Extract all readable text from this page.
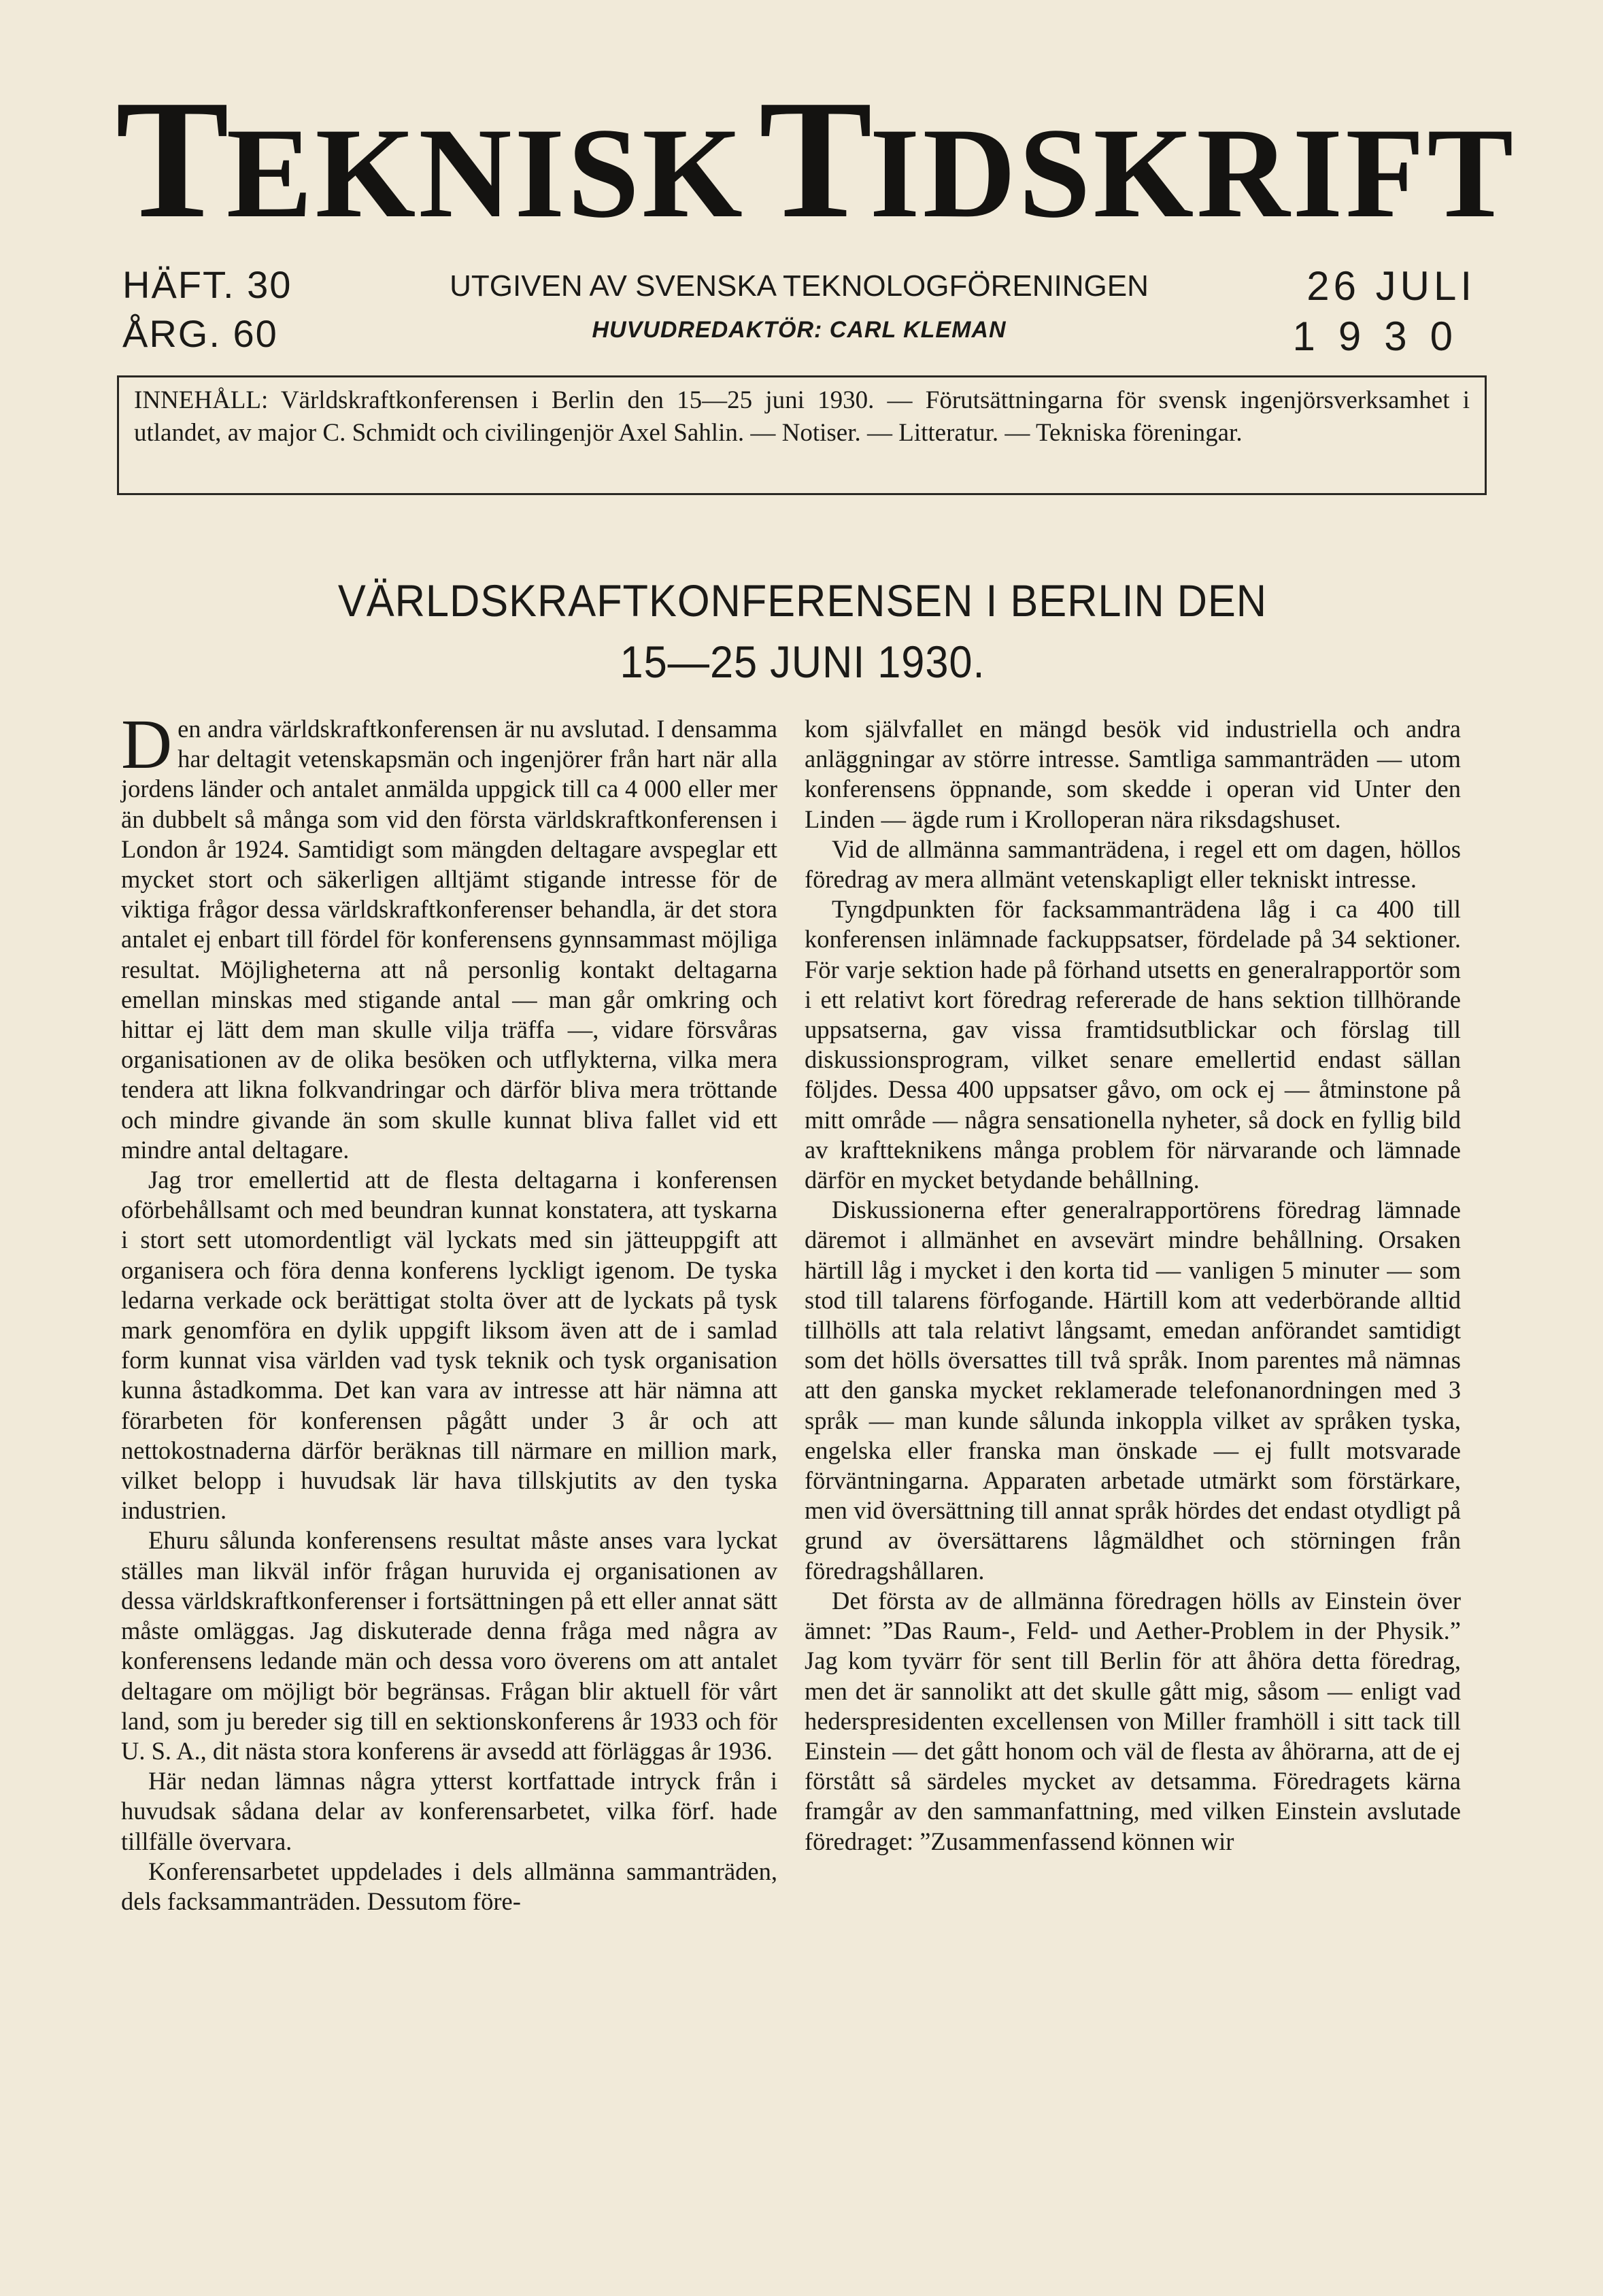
TEKNISKTIDSKRIFT
HÄFT. 30
ÅRG. 60
UTGIVEN AV SVENSKA TEKNOLOGFÖRENINGEN
HUVUDREDAKTÖR: CARL KLEMAN
26 JULI
1930
INNEHÅLL: Världskraftkonferensen i Berlin den 15—25 juni 1930. — Förutsättningarna för svensk ingenjörsverksamhet i utlandet, av major C. Schmidt och civilingenjör Axel Sahlin. — Notiser. — Litteratur. — Tekniska föreningar.
VÄRLDSKRAFTKONFERENSEN I BERLIN DEN
15—25 JUNI 1930.

Den andra världskraftkonferensen är nu avslutad. I densamma har deltagit vetenskapsmän och ingenjörer från hart när alla jordens länder och antalet anmälda uppgick till ca 4 000 eller mer än dubbelt så många som vid den första världskraftkonferensen i London år 1924. Samtidigt som mängden deltagare avspeglar ett mycket stort och säkerligen alltjämt stigande intresse för de viktiga frågor dessa världskraftkonferenser behandla, är det stora antalet ej enbart till fördel för konferensens gynnsammast möjliga resultat. Möjligheterna att nå personlig kontakt deltagarna emellan minskas med stigande antal — man går omkring och hittar ej lätt dem man skulle vilja träffa —, vidare försvåras organisationen av de olika besöken och utflykterna, vilka mera tendera att likna folkvandringar och därför bliva mera tröttande och mindre givande än som skulle kunnat bliva fallet vid ett mindre antal deltagare.

Jag tror emellertid att de flesta deltagarna i konferensen oförbehållsamt och med beundran kunnat konstatera, att tyskarna i stort sett utomordentligt väl lyckats med sin jätteuppgift att organisera och föra denna konferens lyckligt igenom. De tyska ledarna verkade ock berättigat stolta över att de lyckats på tysk mark genomföra en dylik uppgift liksom även att de i samlad form kunnat visa världen vad tysk teknik och tysk organisation kunna åstadkomma. Det kan vara av intresse att här nämna att förarbeten för konferensen pågått under 3 år och att nettokostnaderna därför beräknas till närmare en million mark, vilket belopp i huvudsak lär hava tillskjutits av den tyska industrien.

Ehuru sålunda konferensens resultat måste anses vara lyckat ställes man likväl inför frågan huruvida ej organisationen av dessa världskraftkonferenser i fortsättningen på ett eller annat sätt måste omläggas. Jag diskuterade denna fråga med några av konferensens ledande män och dessa voro överens om att antalet deltagare om möjligt bör begränsas. Frågan blir aktuell för vårt land, som ju bereder sig till en sektionskonferens år 1933 och för U. S. A., dit nästa stora konferens är avsedd att förläggas år 1936.

Här nedan lämnas några ytterst kortfattade intryck från i huvudsak sådana delar av konferensarbetet, vilka förf. hade tillfälle övervara.

Konferensarbetet uppdelades i dels allmänna sammanträden, dels facksammanträden. Dessutom före-

kom självfallet en mängd besök vid industriella och andra anläggningar av större intresse. Samtliga sammanträden — utom konferensens öppnande, som skedde i operan vid Unter den Linden — ägde rum i Krolloperan nära riksdagshuset.

Vid de allmänna sammanträdena, i regel ett om dagen, höllos föredrag av mera allmänt vetenskapligt eller tekniskt intresse.

Tyngdpunkten för facksammanträdena låg i ca 400 till konferensen inlämnade fackuppsatser, fördelade på 34 sektioner. För varje sektion hade på förhand utsetts en generalrapportör som i ett relativt kort föredrag refererade de hans sektion tillhörande uppsatserna, gav vissa framtidsutblickar och förslag till diskussionsprogram, vilket senare emellertid endast sällan följdes. Dessa 400 uppsatser gåvo, om ock ej — åtminstone på mitt område — några sensationella nyheter, så dock en fyllig bild av kraftteknikens många problem för närvarande och lämnade därför en mycket betydande behållning.

Diskussionerna efter generalrapportörens föredrag lämnade däremot i allmänhet en avsevärt mindre behållning. Orsaken härtill låg i mycket i den korta tid — vanligen 5 minuter — som stod till talarens förfogande. Härtill kom att vederbörande alltid tillhölls att tala relativt långsamt, emedan anförandet samtidigt som det hölls översattes till två språk. Inom parentes må nämnas att den ganska mycket reklamerade telefonanordningen med 3 språk — man kunde sålunda inkoppla vilket av språken tyska, engelska eller franska man önskade — ej fullt motsvarade förväntningarna. Apparaten arbetade utmärkt som förstärkare, men vid översättning till annat språk hördes det endast otydligt på grund av översättarens lågmäldhet och störningen från föredragshållaren.

Det första av de allmänna föredragen hölls av Einstein över ämnet: ”Das Raum-, Feld- und Aether-Problem in der Physik.” Jag kom tyvärr för sent till Berlin för att åhöra detta föredrag, men det är sannolikt att det skulle gått mig, såsom — enligt vad hederspresidenten excellensen von Miller framhöll i sitt tack till Einstein — det gått honom och väl de flesta av åhörarna, att de ej förstått så särdeles mycket av detsamma. Föredragets kärna framgår av den sammanfattning, med vilken Einstein avslutade föredraget: ”Zusammenfassend können wir
